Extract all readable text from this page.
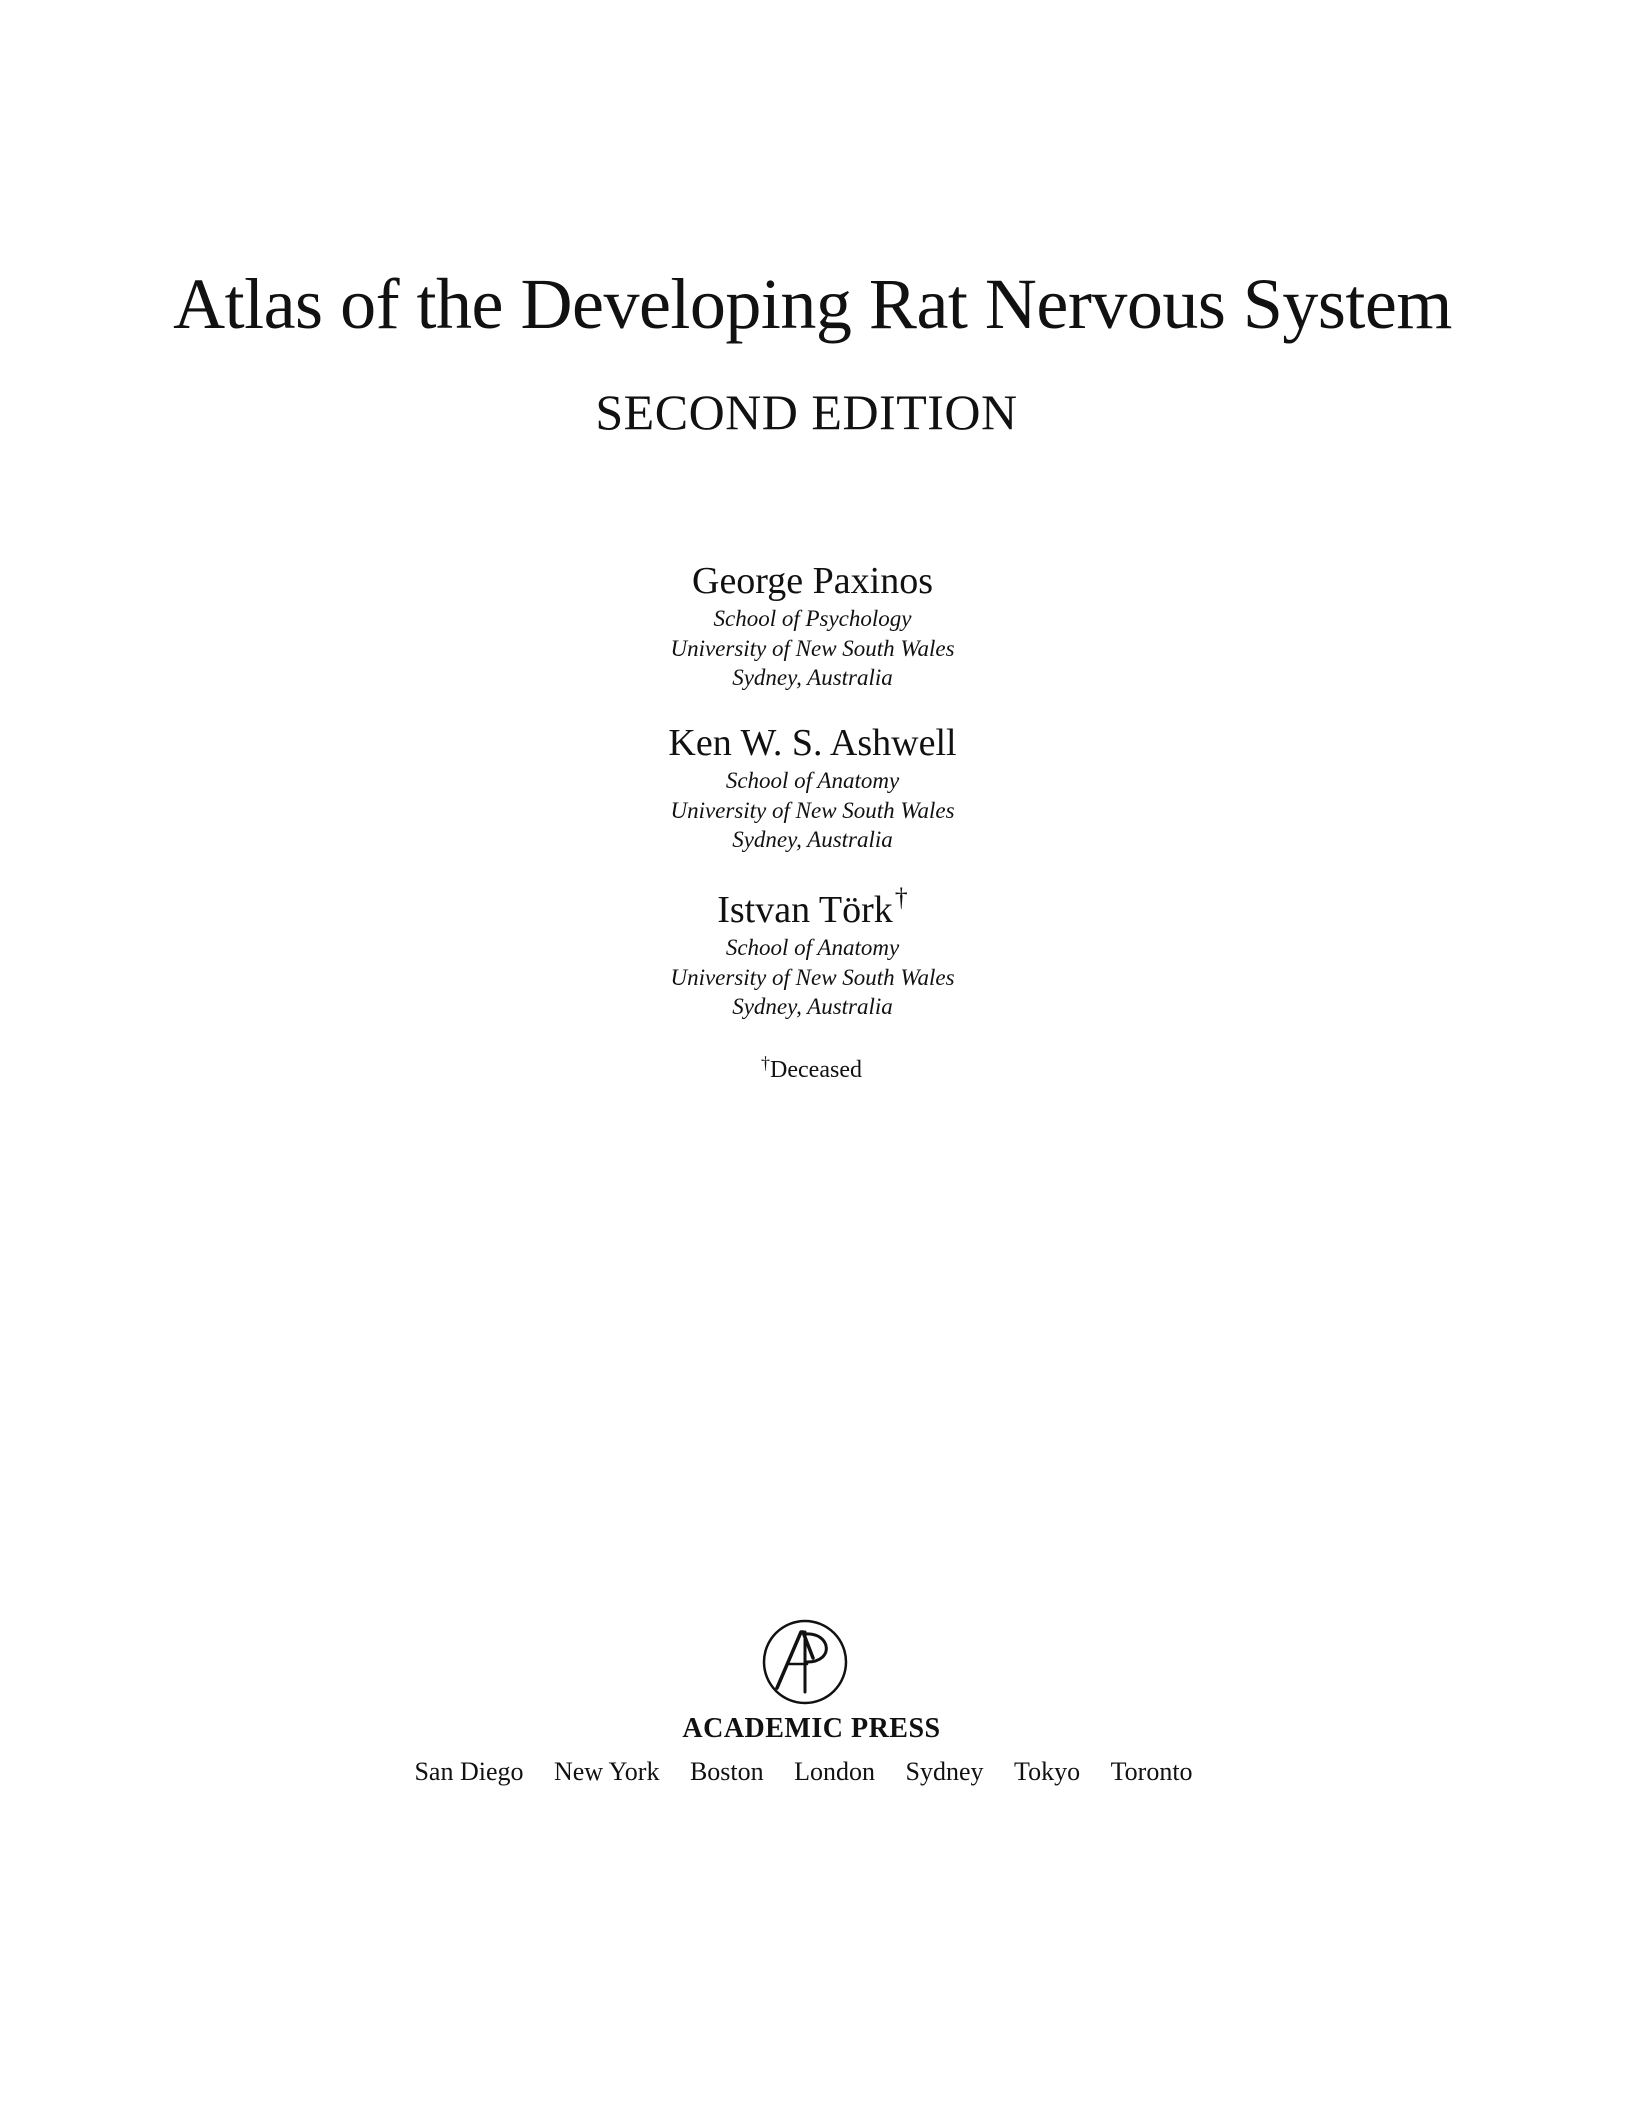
Atlas of the Developing Rat Nervous System
SECOND EDITION
George Paxinos
School of Psychology
University of New South Wales
Sydney, Australia
Ken W. S. Ashwell
School of Anatomy
University of New South Wales
Sydney, Australia
Istvan Törk†
School of Anatomy
University of New South Wales
Sydney, Australia
†Deceased
ACADEMIC PRESS
San Diego New York Boston London Sydney Tokyo Toronto
